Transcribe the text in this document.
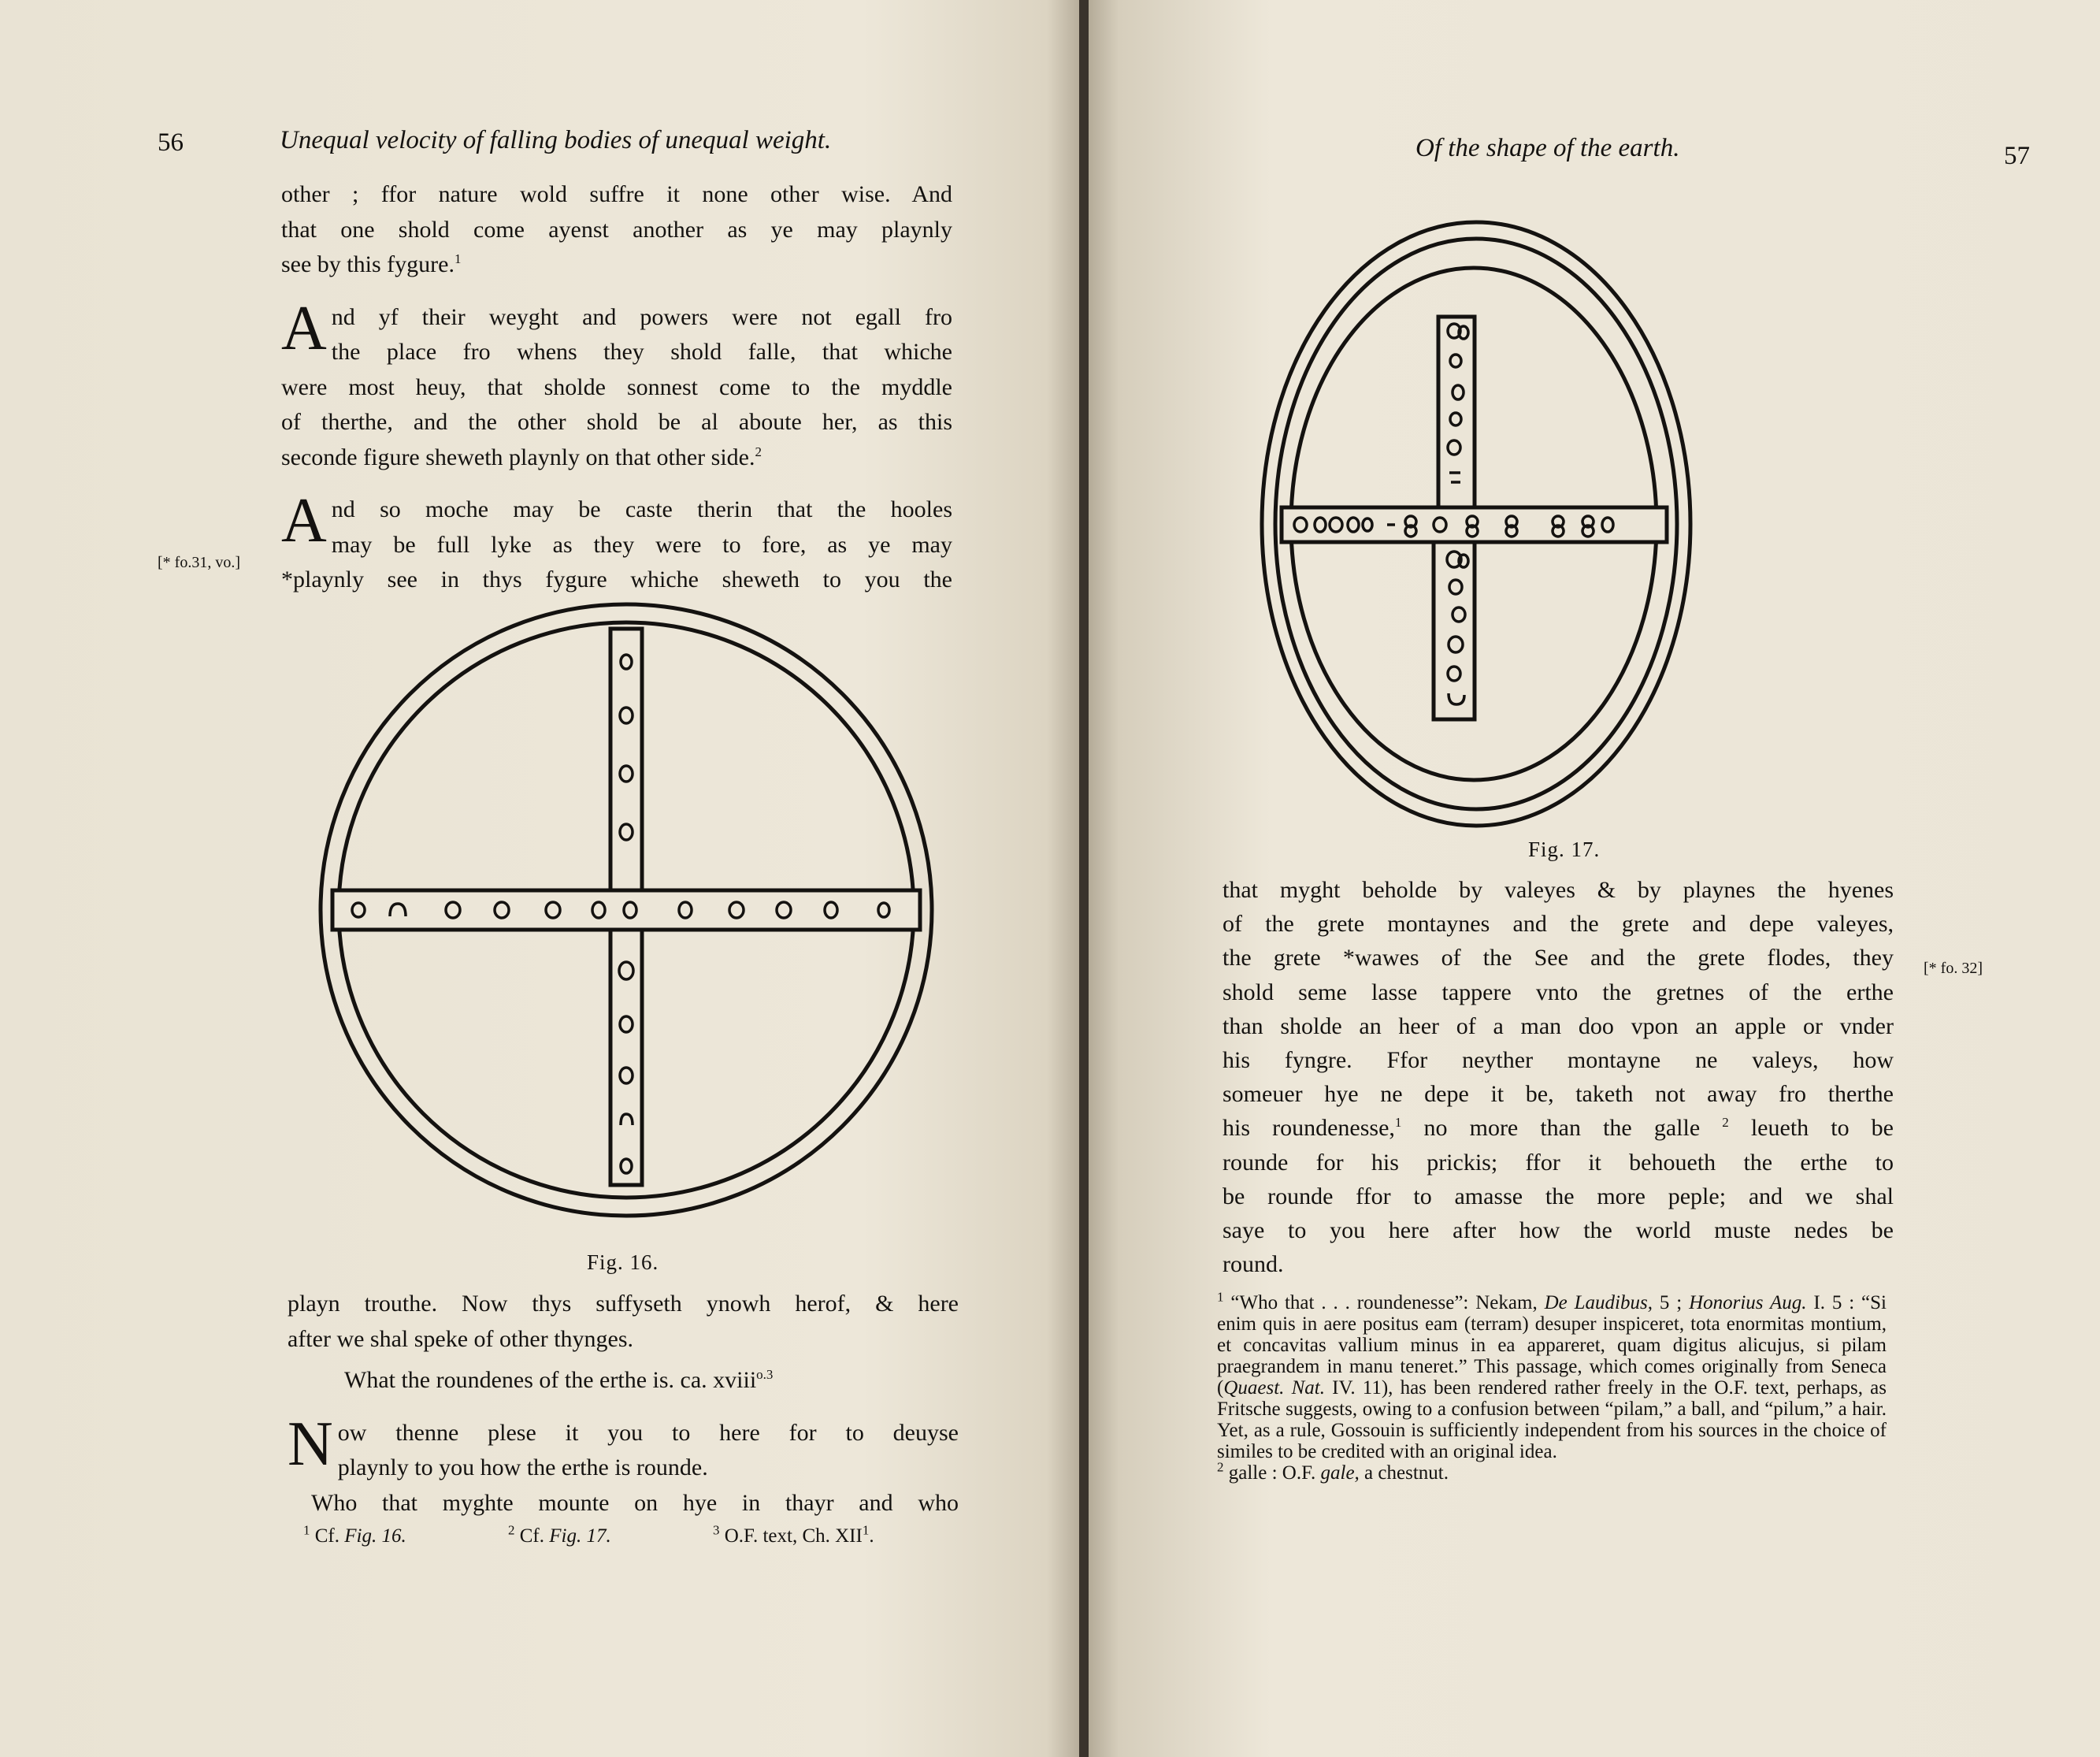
56	Unequal velocity of falling bodies of unequal weight.

other ; ffor nature wold suffre it none other wise. And

that one shold come ayenst another as ye may playnly

see by this fygure.$^1$

A nd yf their weyght and powers were not egall fro

the place fro whens they shold falle, that whiche

were most heuy, that sholde sonnest come to the myddle

of therthe, and the other shold be al aboute her, as this

seconde figure sheweth playnly on that other side.$^2$

A nd so moche may be caste therin that the hooles

may be full lyke as they were to fore, as ye may

*playnly see in thys fygure whiche sheweth to you the

[* fo.31, vo.]
Fig. 16.

playn trouthe. Now thys suffyseth ynowh herof, & here

after we shal speke of other thynges.

What the roundenes of the erthe is. ca. xviii$^{o.3}$

N ow thenne plese it you to here for to deuyse

playnly to you how the erthe is rounde.

Who that myghte mounte on hye in thayr and who

$^1$ Cf. Fig. 16.	$^2$ Cf. Fig. 17.	$^3$ O.F. text, Ch. XII$^1$.
Of the shape of the earth.	57
Fig. 17.

that myght beholde by valeyes & by playnes the hyenes

of the grete montaynes and the grete and depe valeyes,

the grete *wawes of the See and the grete flodes, they

shold seme lasse tappere vnto the gretnes of the erthe

than sholde an heer of a man doo vpon an apple or vnder

his fyngre. Ffor neyther montayne ne valeys, how

someuer hye ne depe it be, taketh not away fro therthe

his roundenesse,$^1$ no more than the galle $^2$ leueth to be

rounde for his prickis; ffor it behoueth the erthe to

be rounde ffor to amasse the more peple; and we shal

saye to you here after how the world muste nedes be

round.

[* fo. 32]

$^1$ “Who that . . . roundenesse”: Nekam, De Laudibus, 5 ; Honorius Aug. I. 5 : “Si enim quis in aere positus eam (terram) desuper inspiceret, tota enormitas montium, et concavitas vallium minus in ea appareret, quam digitus alicujus, si pilam praegrandem in manu teneret.” This passage, which comes originally from Seneca (Quaest. Nat. IV. 11), has been rendered rather freely in the O.F. text, perhaps, as Fritsche suggests, owing to a confusion between “pilam,” a ball, and “pilum,” a hair. Yet, as a rule, Gossouin is sufficiently independent from his sources in the choice of similes to be credited with an original idea.

$^2$ galle : O.F. gale, a chestnut.
